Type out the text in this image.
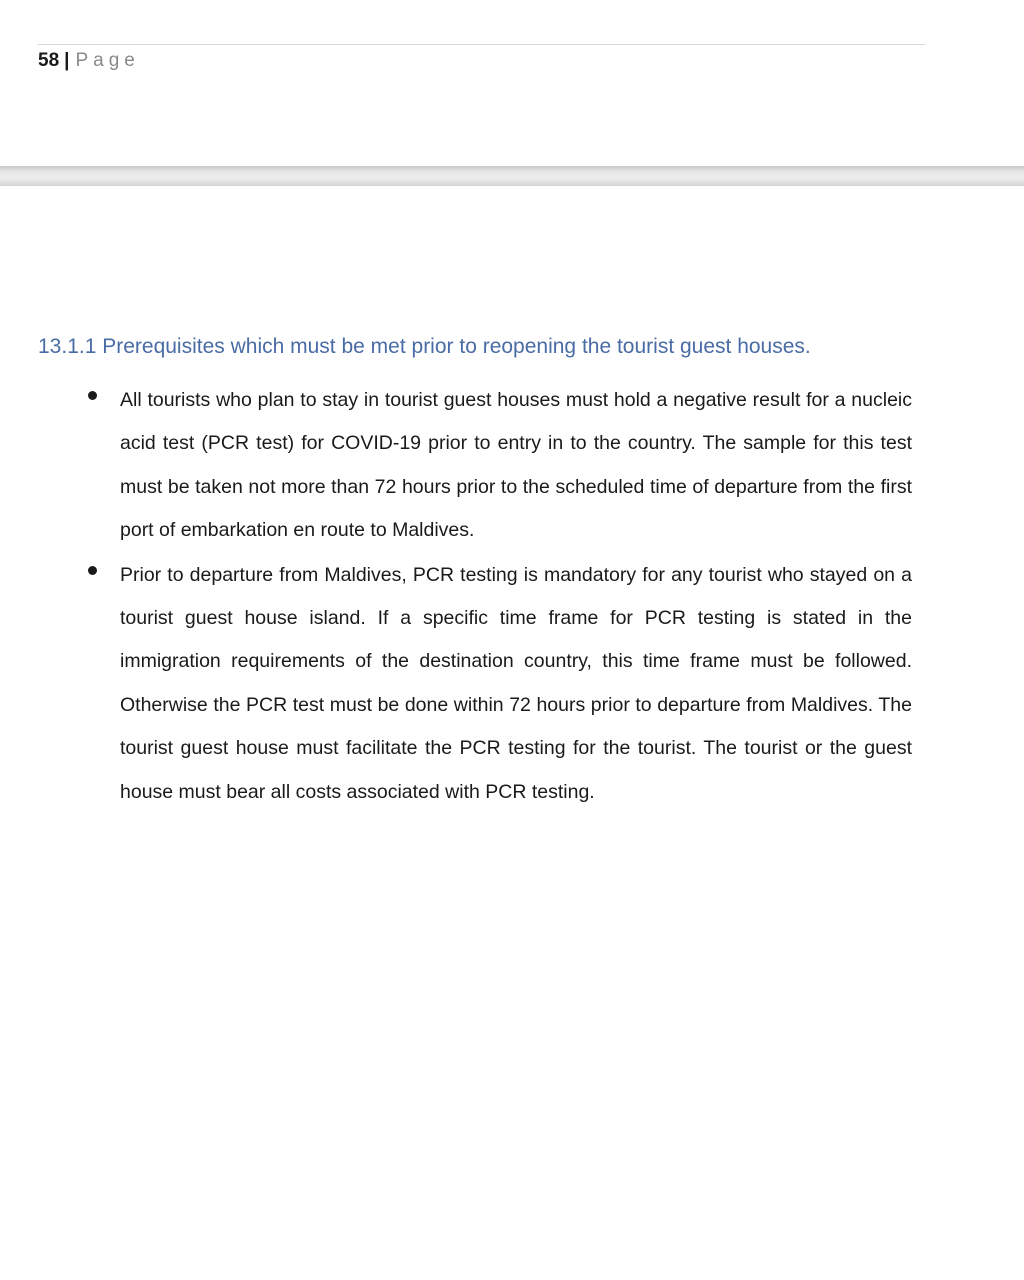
58 | Page
13.1.1 Prerequisites which must be met prior to reopening the tourist guest houses.
All tourists who plan to stay in tourist guest houses must hold a negative result for a nucleic acid test (PCR test) for COVID-19 prior to entry in to the country. The sample for this test must be taken not more than 72 hours prior to the scheduled time of departure from the first port of embarkation en route to Maldives.
Prior to departure from Maldives, PCR testing is mandatory for any tourist who stayed on a tourist guest house island. If a specific time frame for PCR testing is stated in the immigration requirements of the destination country, this time frame must be followed. Otherwise the PCR test must be done within 72 hours prior to departure from Maldives. The tourist guest house must facilitate the PCR testing for the tourist. The tourist or the guest house must bear all costs associated with PCR testing.
